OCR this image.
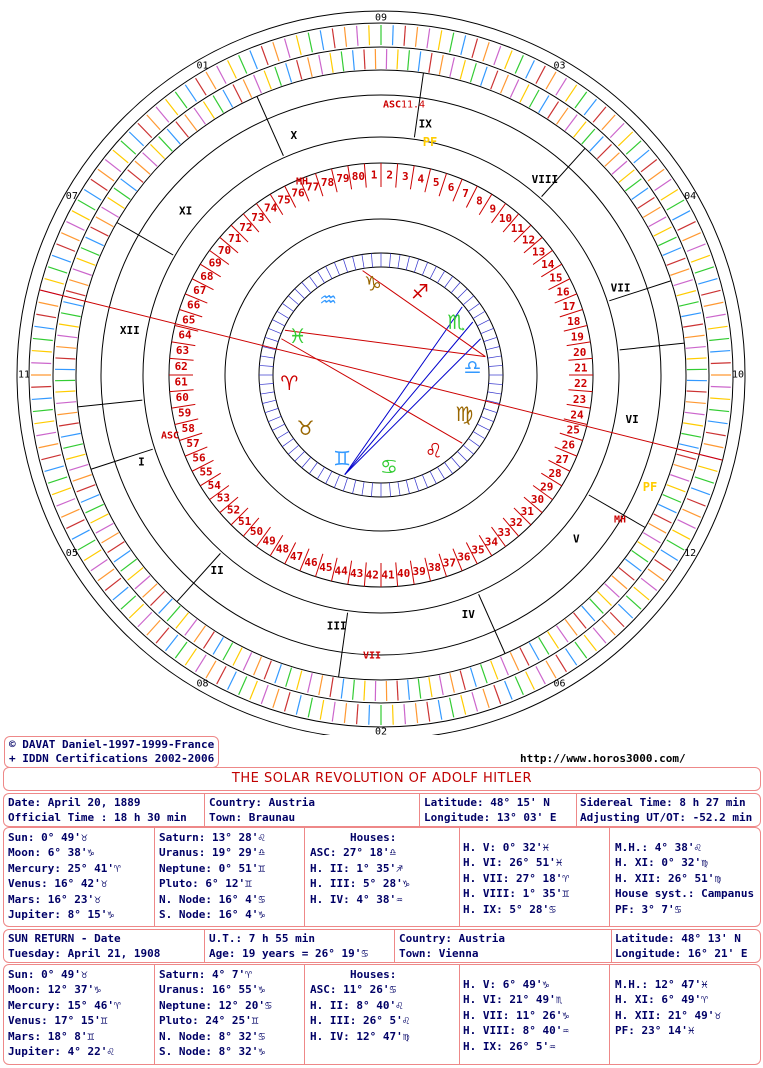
♈
♉
♊ ♋
♌
♍
♎
♏
♐
♑
♒
♓
1 2 3 4 5 6 7
8
9
10
11
12
13
14
15
16
17
18
19
20
21
22
23
24
25
26
27
28
29
30
31
32
33
34
35
36
37
38
39
40
41
42
43
44
45
46
47
48
49
50
51
52
53
54
55
56
57
58
59
60
61
62
63
64
65
66
67
68
69
70
71
72
73
74
75
76 77 78 79 80
09
03
04
10
12
06
02
08
05
11
07
01
I
II
III
IV
V
VI
VII
VIII
IX
X
XI
XII
ASC 11.4
ASC
PF
PF
MH
MH
VII
© DAVAT Daniel-1997-1999-France
+ IDDN Certifications 2002-2006	http://www.horos3000.com/
THE SOLAR REVOLUTION OF ADOLF HITLER
Date: April 20, 1889
Official Time : 18 h 30 min
Country: Austria
Town: Braunau
Latitude: 48° 15' N
Longitude: 13° 03' E
Sidereal Time: 8 h 27 min
Adjusting UT/OT: -52.2 min
Sun: 0° 49'♉
Moon: 6° 38'♑
Mercury: 25° 41'♈
Venus: 16° 42'♉
Mars: 16° 23'♉
Jupiter: 8° 15'♑
Saturn: 13° 28'♌
Uranus: 19° 29'♎
Neptune: 0° 51'♊
Pluto: 6° 12'♊
N. Node: 16° 4'♋
S. Node: 16° 4'♑
Houses:
ASC: 27° 18'♎
H. II: 1° 35'♐
H. III: 5° 28'♑
H. IV: 4° 38'♒
H. V: 0° 32'♓
H. VI: 26° 51'♓
H. VII: 27° 18'♈
H. VIII: 1° 35'♊
H. IX: 5° 28'♋
M.H.: 4° 38'♌
H. XI: 0° 32'♍
H. XII: 26° 51'♍
House syst.: Campanus
PF: 3° 7'♋
SUN RETURN - Date
Tuesday: April 21, 1908
U.T.: 7 h 55 min
Age: 19 years = 26° 19'♋
Country: Austria
Town: Vienna
Latitude: 48° 13' N
Longitude: 16° 21' E
Sun: 0° 49'♉
Moon: 12° 37'♑
Mercury: 15° 46'♈
Venus: 17° 15'♊
Mars: 18° 8'♊
Jupiter: 4° 22'♌
Saturn: 4° 7'♈
Uranus: 16° 55'♑
Neptune: 12° 20'♋
Pluto: 24° 25'♊
N. Node: 8° 32'♋
S. Node: 8° 32'♑
Houses:
ASC: 11° 26'♋
H. II: 8° 40'♌
H. III: 26° 5'♌
H. IV: 12° 47'♍
H. V: 6° 49'♑
H. VI: 21° 49'♏
H. VII: 11° 26'♑
H. VIII: 8° 40'♒
H. IX: 26° 5'♒
M.H.: 12° 47'♓
H. XI: 6° 49'♈
H. XII: 21° 49'♉
PF: 23° 14'♓
